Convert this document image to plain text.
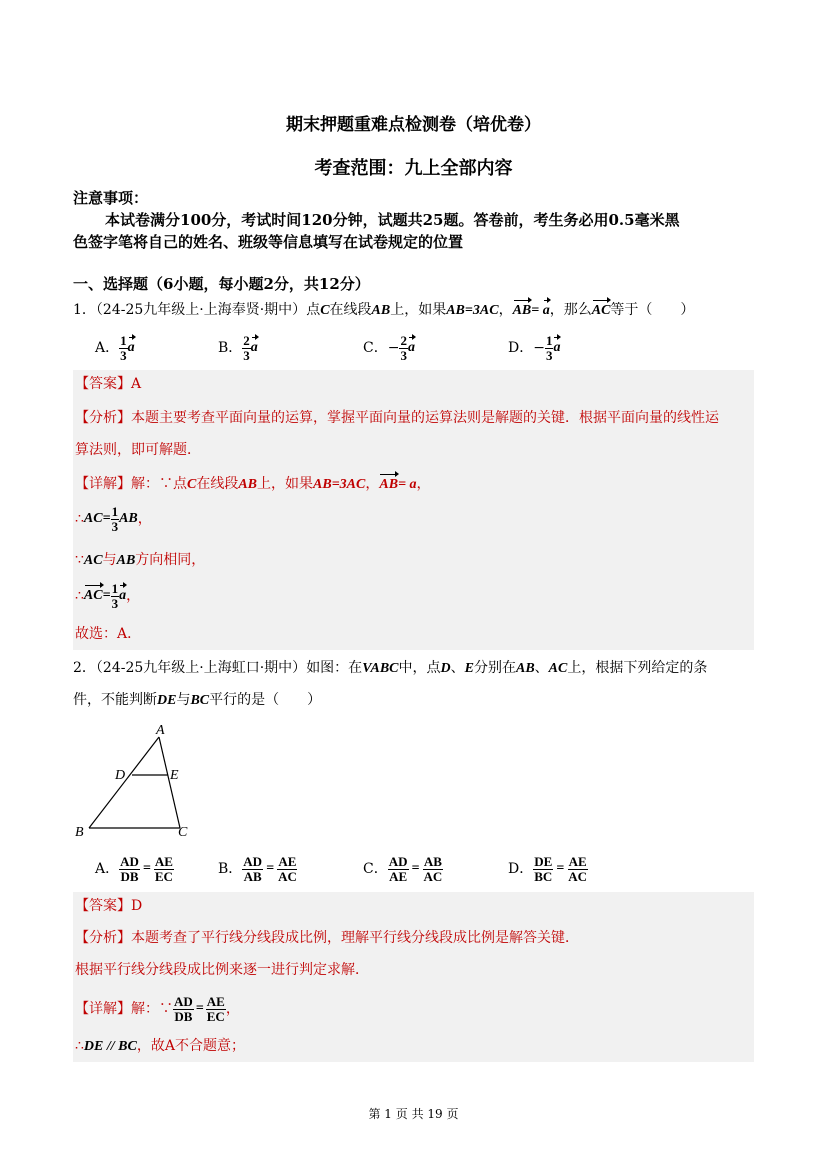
期末押题重难点检测卷（培优卷）
考查范围：九上全部内容
注意事项：
本试卷满分100分，考试时间120分钟，试题共25题。答卷前，考生务必用0.5毫米黑
色签字笔将自己的姓名、班级等信息填写在试卷规定的位置
一、选择题（6小题，每小题2分，共12分）
1．（24-25九年级上·上海奉贤·期中）点C在线段AB上，如果AB=3AC，AB= a，那么AC等于（　　）
A． $\frac{1}{3}$ a	B． $\frac{2}{3}$ a	C． − $\frac{2}{3}$ a	D． − $\frac{1}{3}$ a
【答案】A
【分析】本题主要考查平面向量的运算，掌握平面向量的运算法则是解题的关键．根据平面向量的线性运
算法则，即可解题．
【详解】解：∵点C在线段AB上，如果AB=3AC，AB= a，
∴ AC = $\frac{1}{3}$ AB ，
∵AC与AB方向相同，
∴ AC = $\frac{1}{3}$ a ，
故选：A．
2．（24-25九年级上·上海虹口·期中）如图：在VABC中，点D、E分别在AB、AC上，根据下列给定的条
件，不能判断DE与BC平行的是（　　）
A
D	E
B	C
A． $\frac{AD}{DB} = \frac{AE}{EC}$	B． $\frac{AD}{AB} = \frac{AE}{AC}$	C． $\frac{AD}{AE} = \frac{AB}{AC}$	D． $\frac{DE}{BC} = \frac{AE}{AC}$
【答案】D
【分析】本题考查了平行线分线段成比例，理解平行线分线段成比例是解答关键．
根据平行线分线段成比例来逐一进行判定求解．
【详解】 解：∵ $\frac{AD}{DB} = \frac{AE}{EC}$ ，
∴DE // BC，故A不合题意；
第 1 页 共 19 页
